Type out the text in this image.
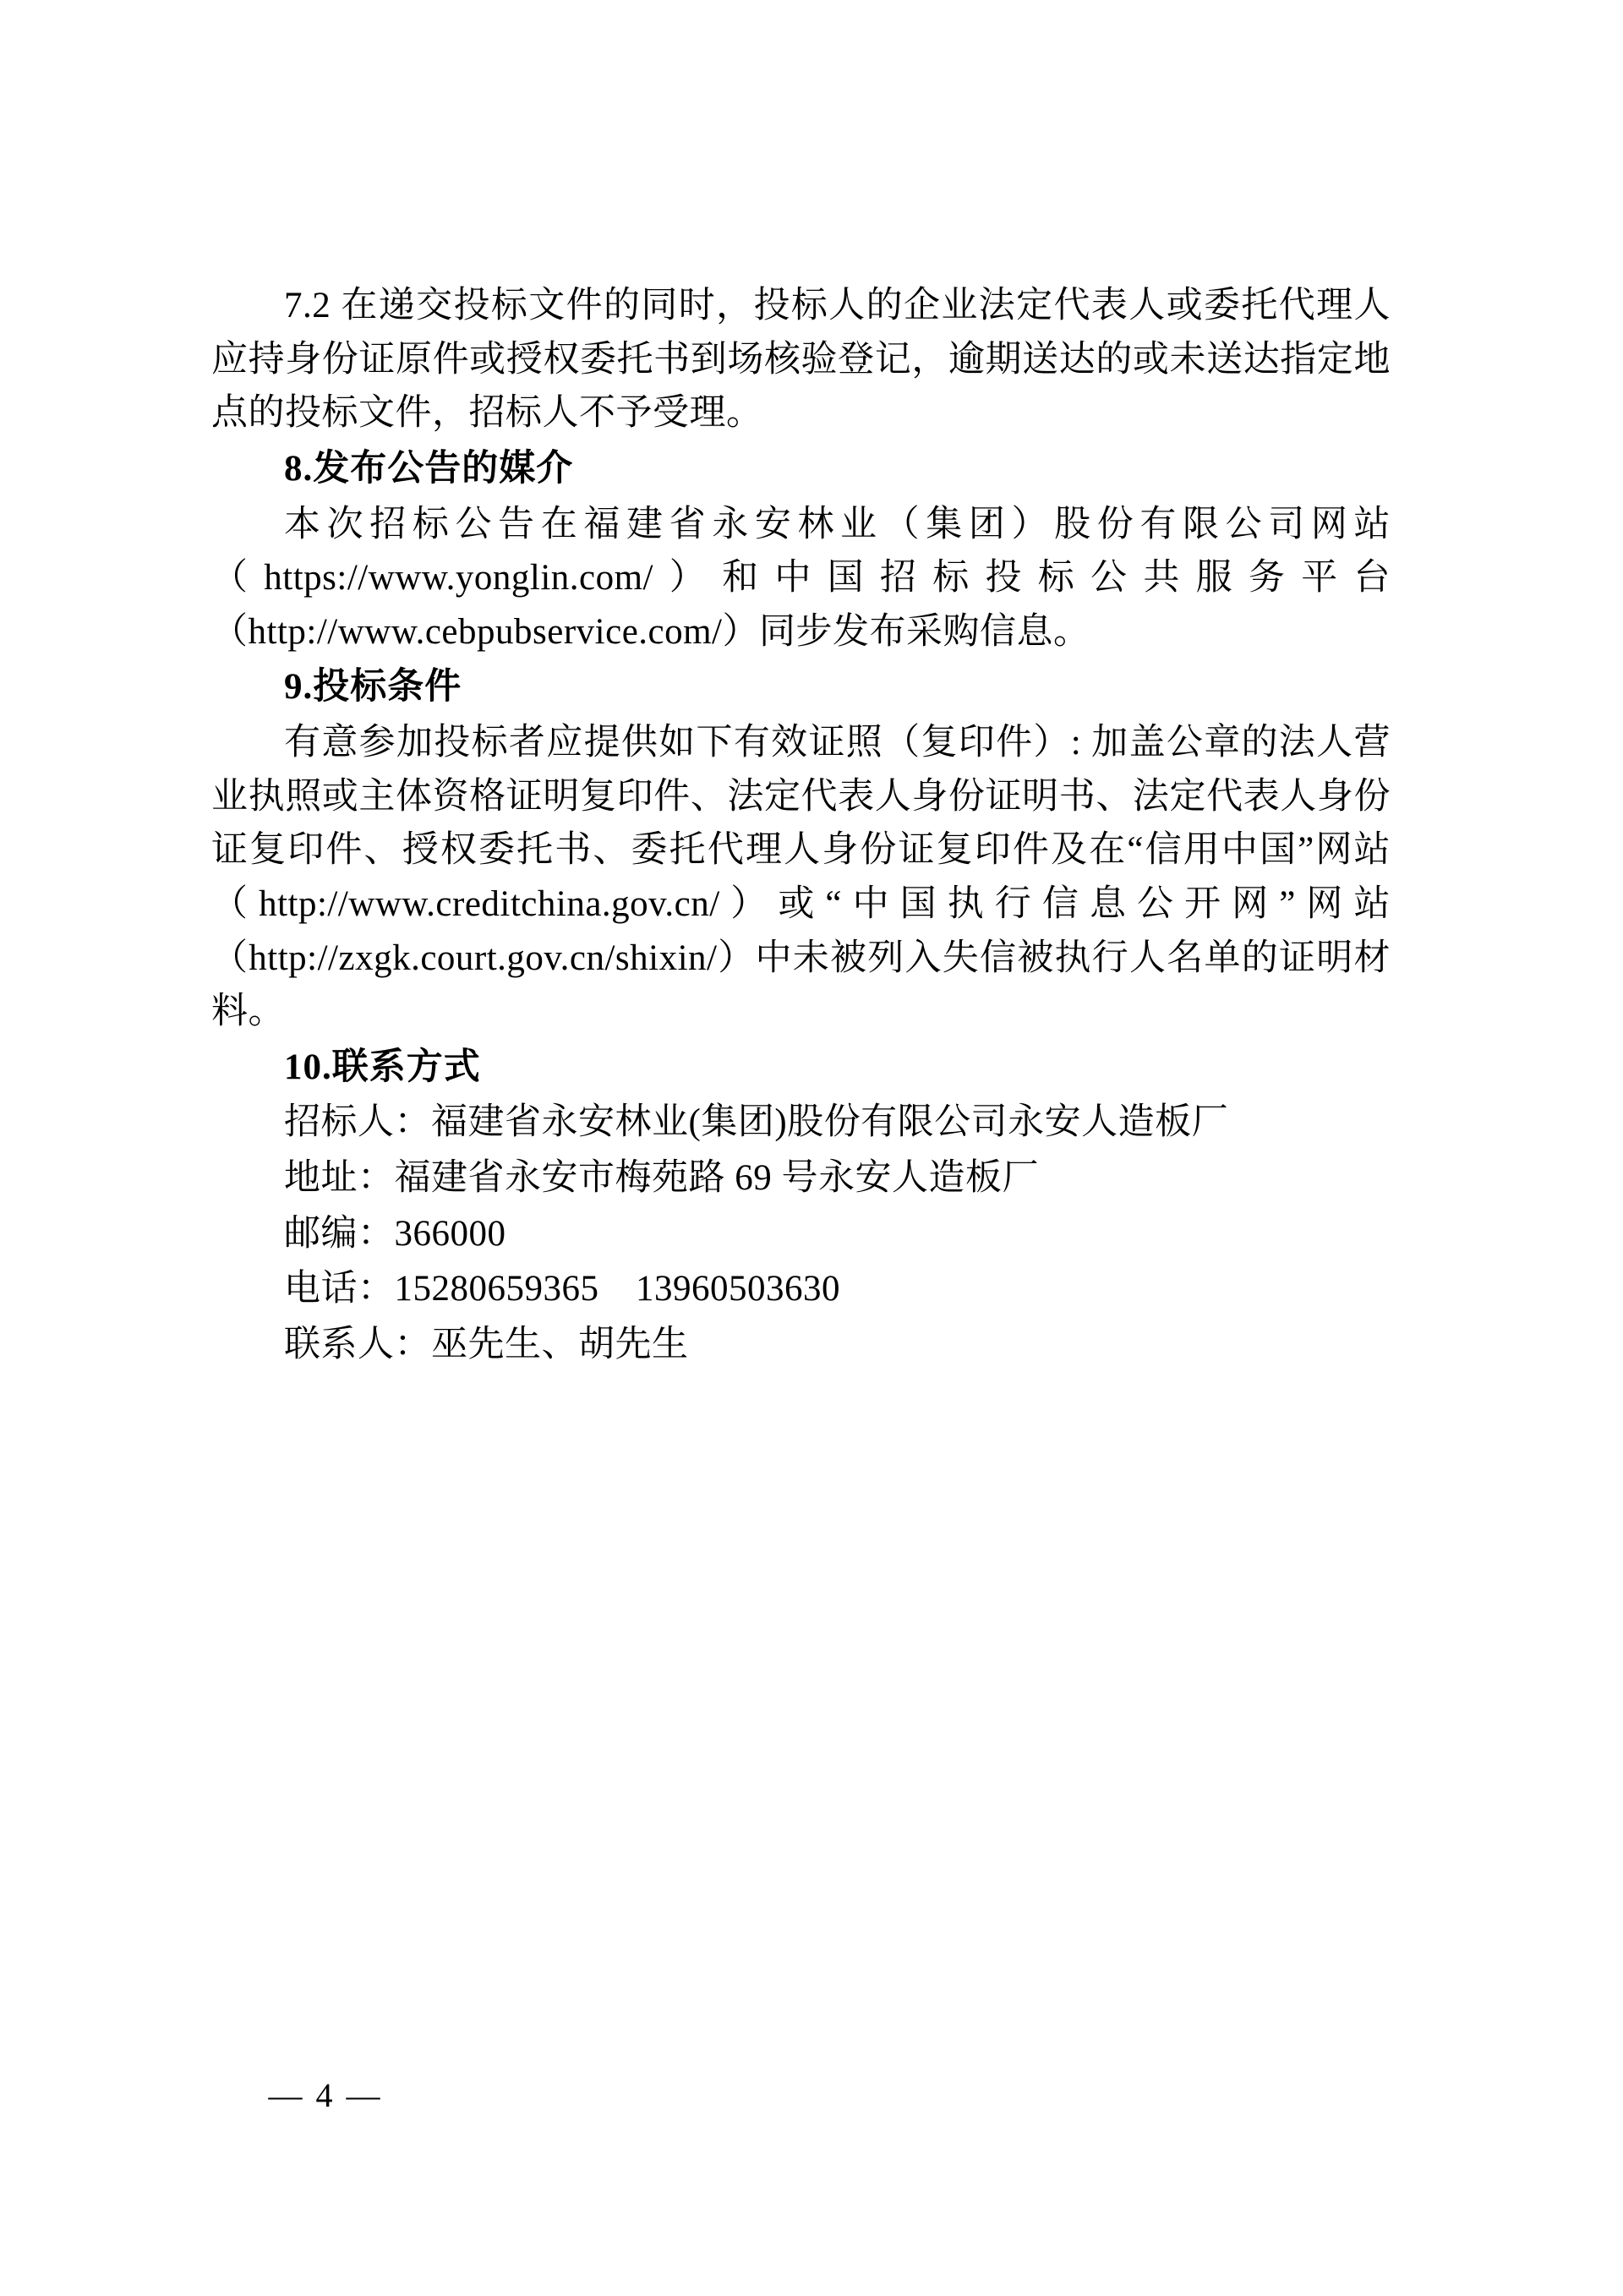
7.2 在递交投标文件的同时，投标人的企业法定代表人或委托代理人应持身份证原件或授权委托书到场核验登记，逾期送达的或未送达指定地点的投标文件，招标人不予受理。

8.发布公告的媒介

本次招标公告在福建省永安林业（集团）股份有限公司网站（https://www.yonglin.com/）和中国招标投标公共服务平台（http://www.cebpubservice.com/）同步发布采购信息。

9.投标条件

有意参加投标者应提供如下有效证照（复印件）: 加盖公章的法人营业执照或主体资格证明复印件、法定代表人身份证明书、法定代表人身份证复印件、授权委托书、委托代理人身份证复印件及在“信用中国”网站（http://www.creditchina.gov.cn/）或“中国执行信息公开网”网站（http://zxgk.court.gov.cn/shixin/）中未被列入失信被执行人名单的证明材料。

10.联系方式

招标人：福建省永安林业(集团)股份有限公司永安人造板厂

地址：福建省永安市梅苑路 69 号永安人造板厂

邮编：366000

电话：15280659365　13960503630

联系人：巫先生、胡先生

— 4 —
